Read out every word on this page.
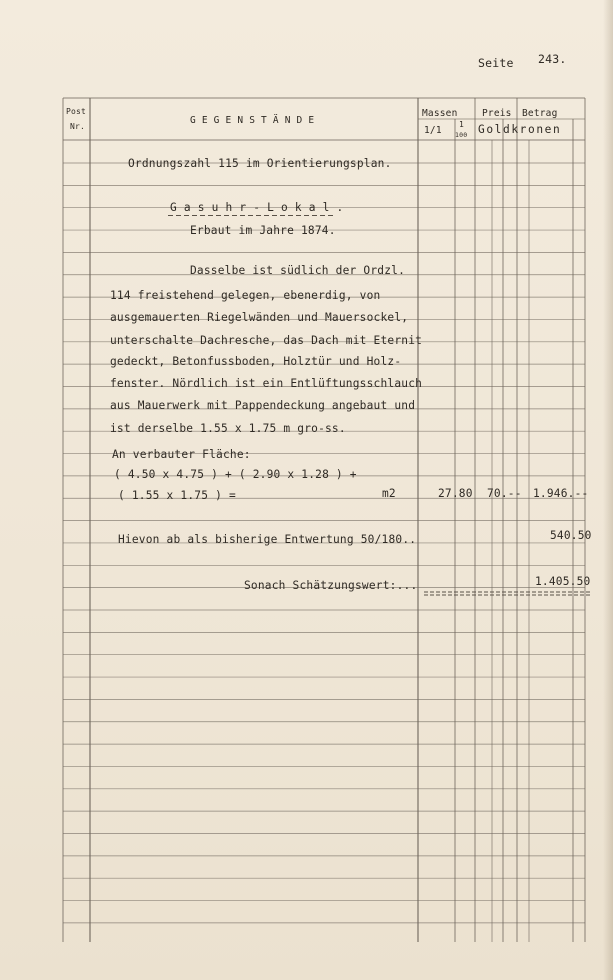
Seite 243.
Post
Nr.
G E G E N S T Ä N D E
Massen
1/1
1
100
Preis Betrag
Goldkronen
Ordnungszahl 115 im Orientierungsplan.
G a s u h r - L o k a l .
Erbaut im Jahre 1874.
Dasselbe ist südlich der Ordzl.
114 freistehend gelegen, ebenerdig, von
ausgemauerten Riegelwänden und Mauersockel,
unterschalte Dachresche, das Dach mit Eternit
gedeckt, Betonfussboden, Holztür und Holz-
fenster. Nördlich ist ein Entlüftungsschlauch
aus Mauerwerk mit Pappendeckung angebaut und
ist derselbe 1.55 x 1.75 m gro-ss.
An verbauter Fläche:
( 4.50 x 4.75 ) + ( 2.90 x 1.28 ) +
( 1.55 x 1.75 ) =	m2	27.80 70.-- 1.946.--
Hievon ab als bisherige Entwertung 50/180..	540.50
Sonach Schätzungswert:...	1.405.50
